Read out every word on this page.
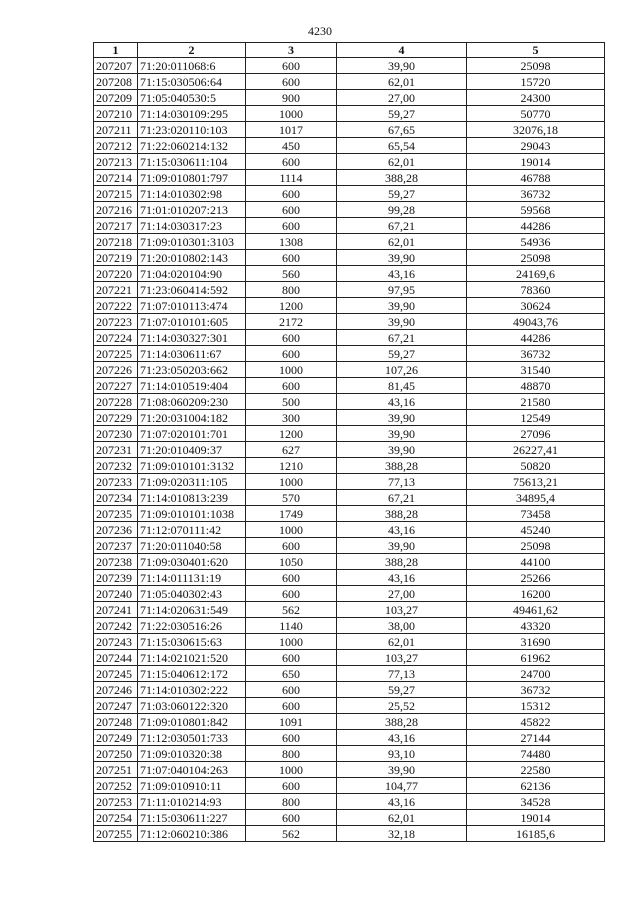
4230
1	2	3	4	5
207207	71:20:011068:6	600	39,90	25098
207208	71:15:030506:64	600	62,01	15720
207209	71:05:040530:5	900	27,00	24300
207210	71:14:030109:295	1000	59,27	50770
207211	71:23:020110:103	1017	67,65	32076,18
207212	71:22:060214:132	450	65,54	29043
207213	71:15:030611:104	600	62,01	19014
207214	71:09:010801:797	1114	388,28	46788
207215	71:14:010302:98	600	59,27	36732
207216	71:01:010207:213	600	99,28	59568
207217	71:14:030317:23	600	67,21	44286
207218	71:09:010301:3103	1308	62,01	54936
207219	71:20:010802:143	600	39,90	25098
207220	71:04:020104:90	560	43,16	24169,6
207221	71:23:060414:592	800	97,95	78360
207222	71:07:010113:474	1200	39,90	30624
207223	71:07:010101:605	2172	39,90	49043,76
207224	71:14:030327:301	600	67,21	44286
207225	71:14:030611:67	600	59,27	36732
207226	71:23:050203:662	1000	107,26	31540
207227	71:14:010519:404	600	81,45	48870
207228	71:08:060209:230	500	43,16	21580
207229	71:20:031004:182	300	39,90	12549
207230	71:07:020101:701	1200	39,90	27096
207231	71:20:010409:37	627	39,90	26227,41
207232	71:09:010101:3132	1210	388,28	50820
207233	71:09:020311:105	1000	77,13	75613,21
207234	71:14:010813:239	570	67,21	34895,4
207235	71:09:010101:1038	1749	388,28	73458
207236	71:12:070111:42	1000	43,16	45240
207237	71:20:011040:58	600	39,90	25098
207238	71:09:030401:620	1050	388,28	44100
207239	71:14:011131:19	600	43,16	25266
207240	71:05:040302:43	600	27,00	16200
207241	71:14:020631:549	562	103,27	49461,62
207242	71:22:030516:26	1140	38,00	43320
207243	71:15:030615:63	1000	62,01	31690
207244	71:14:021021:520	600	103,27	61962
207245	71:15:040612:172	650	77,13	24700
207246	71:14:010302:222	600	59,27	36732
207247	71:03:060122:320	600	25,52	15312
207248	71:09:010801:842	1091	388,28	45822
207249	71:12:030501:733	600	43,16	27144
207250	71:09:010320:38	800	93,10	74480
207251	71:07:040104:263	1000	39,90	22580
207252	71:09:010910:11	600	104,77	62136
207253	71:11:010214:93	800	43,16	34528
207254	71:15:030611:227	600	62,01	19014
207255	71:12:060210:386	562	32,18	16185,6
